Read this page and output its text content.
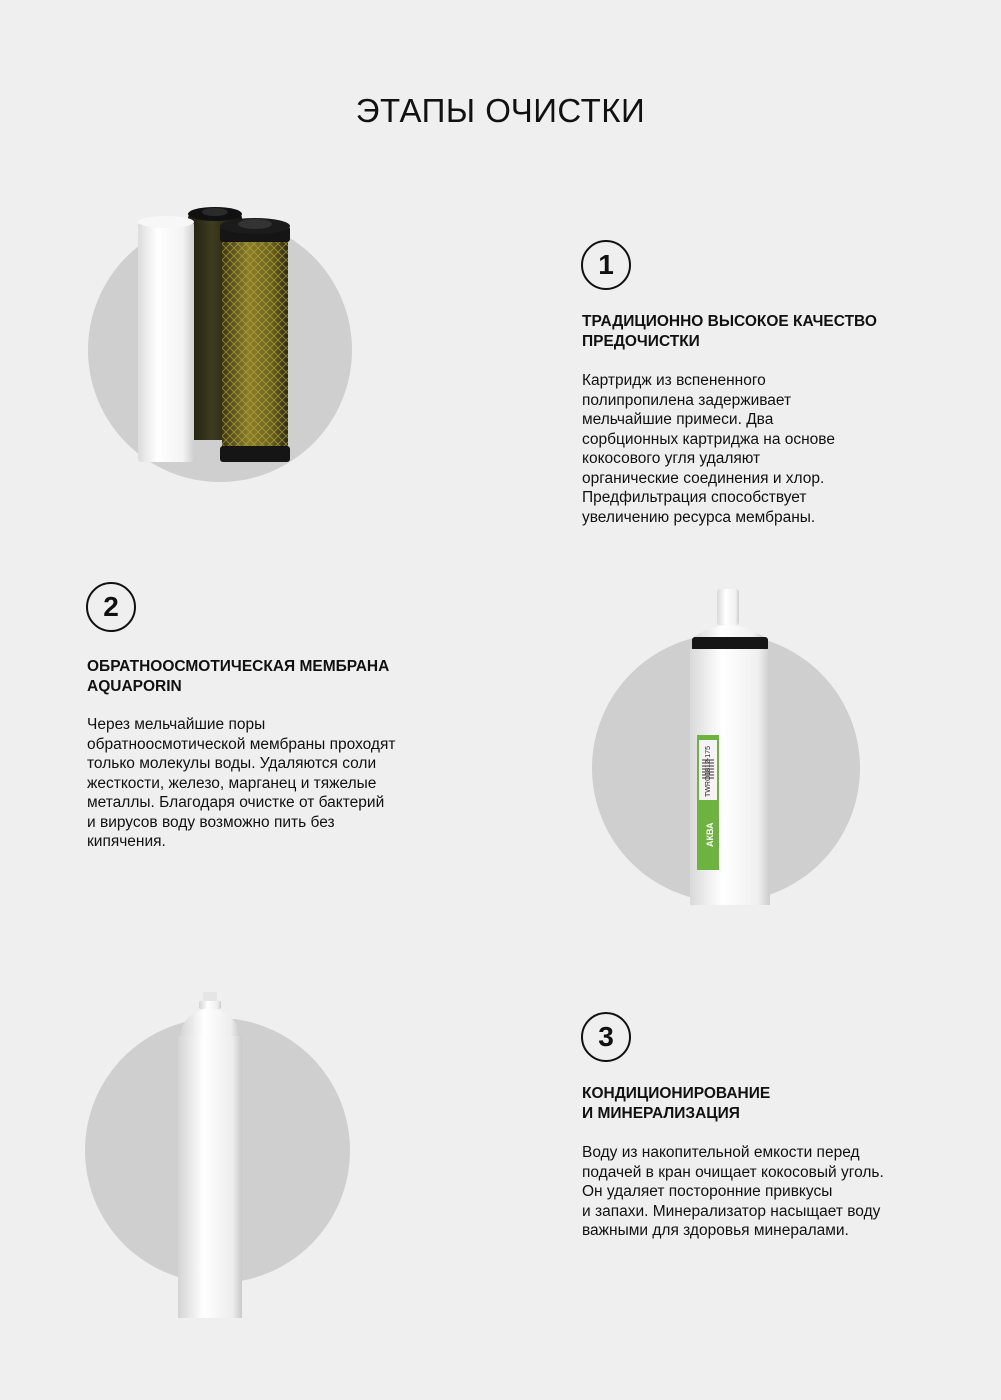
ЭТАПЫ ОЧИСТКИ
1

ТРАДИЦИОННО ВЫСОКОЕ КАЧЕСТВО
ПРЕДОЧИСТКИ

Картридж из вспененного
полипропилена задерживает
мельчайшие примеси. Два
сорбционных картриджа на основе
кокосового угля удаляют
органические соединения и хлор.
Предфильтрация способствует
увеличению ресурса мембраны.

2

ОБРАТНООСМОТИЧЕСКАЯ МЕМБРАНА
AQUAPORIN

Через мельчайшие поры
обратноосмотической мембраны проходят
только молекулы воды. Удаляются соли
жесткости, железо, марганец и тяжелые
металлы. Благодаря очистке от бактерий
и вирусов воду возможно пить без
кипячения.

TWRO1812-175
АКВА
3

КОНДИЦИОНИРОВАНИЕ
И МИНЕРАЛИЗАЦИЯ

Воду из накопительной емкости перед
подачей в кран очищает кокосовый уголь.
Он удаляет посторонние привкусы
и запахи. Минерализатор насыщает воду
важными для здоровья минералами.
